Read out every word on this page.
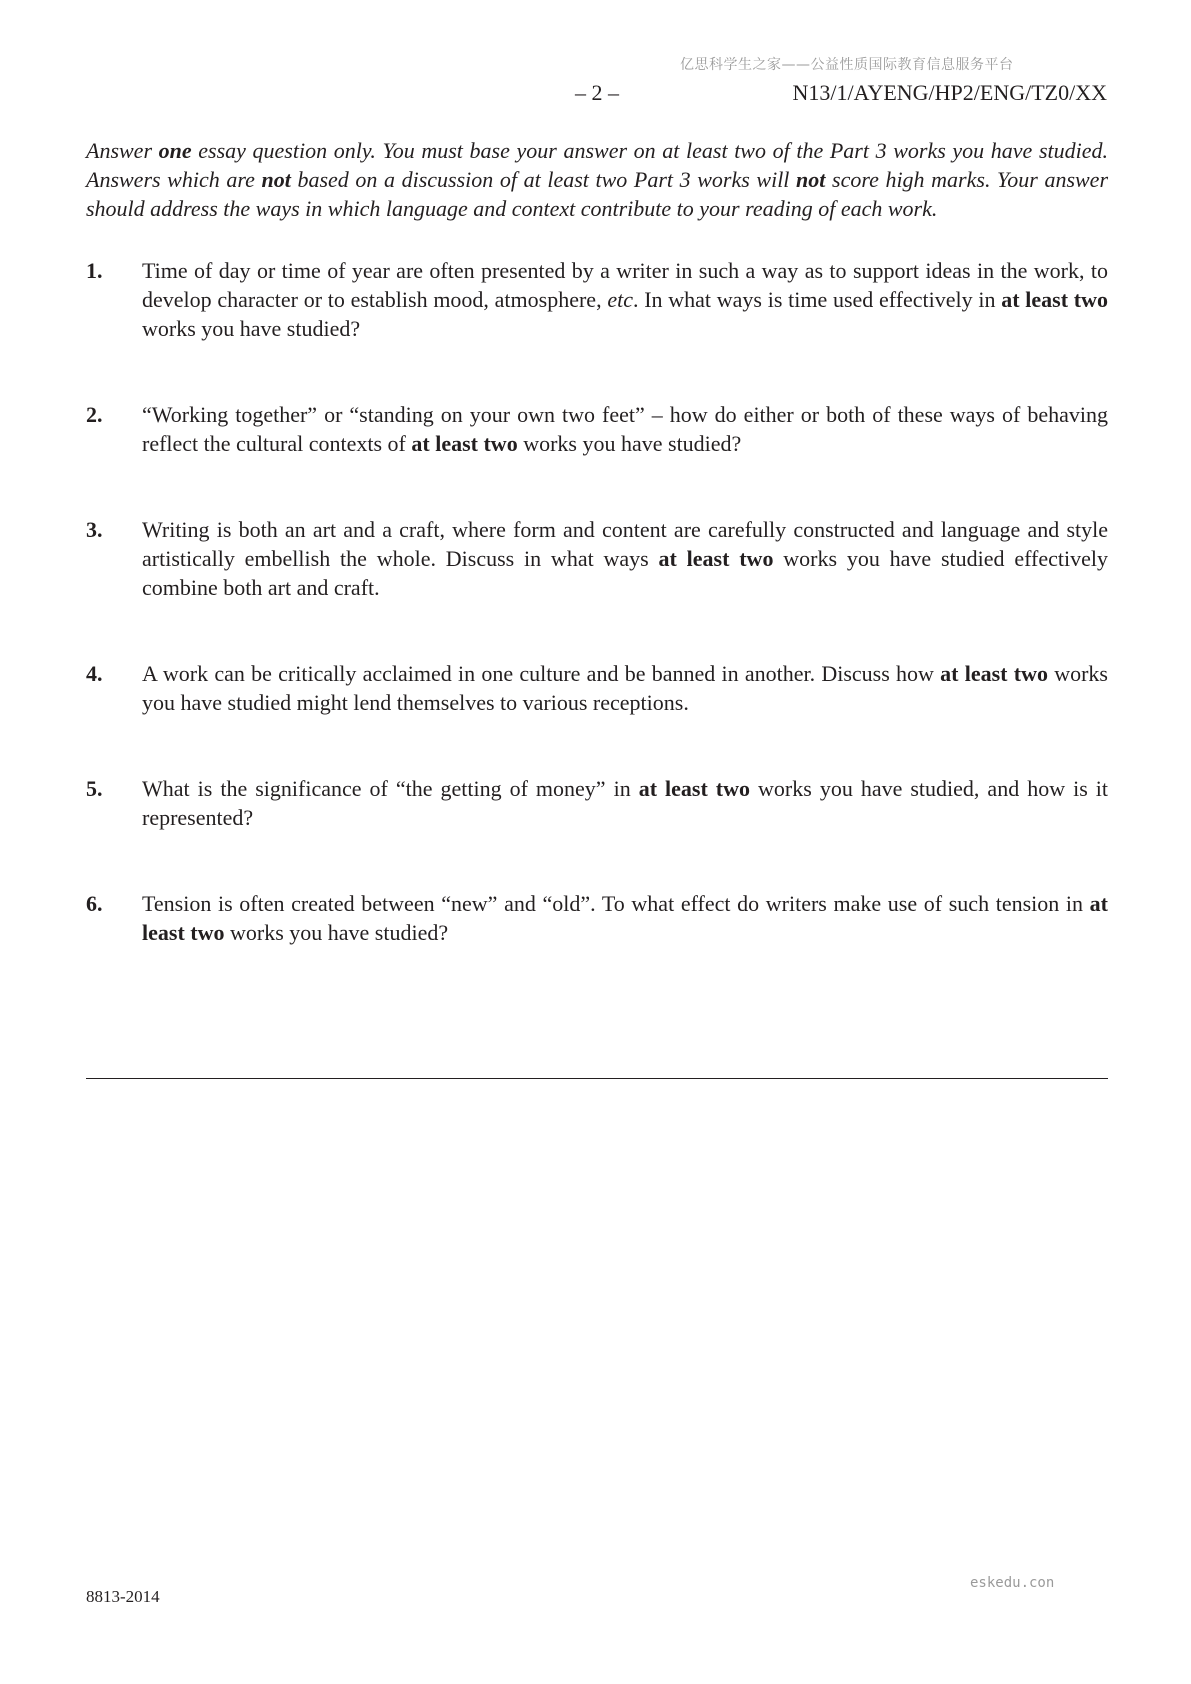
亿思科学生之家——公益性质国际教育信息服务平台
– 2 –	N13/1/AYENG/HP2/ENG/TZ0/XX

Answer one essay question only. You must base your answer on at least two of the Part 3 works you have studied. Answers which are not based on a discussion of at least two Part 3 works will not score high marks. Your answer should address the ways in which language and context contribute to your reading of each work.

1.	Time of day or time of year are often presented by a writer in such a way as to support ideas in the work, to develop character or to establish mood, atmosphere, etc. In what ways is time used effectively in at least two works you have studied?
2.	“Working together” or “standing on your own two feet” – how do either or both of these ways of behaving reflect the cultural contexts of at least two works you have studied?
3.	Writing is both an art and a craft, where form and content are carefully constructed and language and style artistically embellish the whole. Discuss in what ways at least two works you have studied effectively combine both art and craft.
4.	A work can be critically acclaimed in one culture and be banned in another. Discuss how at least two works you have studied might lend themselves to various receptions.
5.	What is the significance of “the getting of money” in at least two works you have studied, and how is it represented?
6.	Tension is often created between “new” and “old”. To what effect do writers make use of such tension in at least two works you have studied?
8813-2014
eskedu.con
